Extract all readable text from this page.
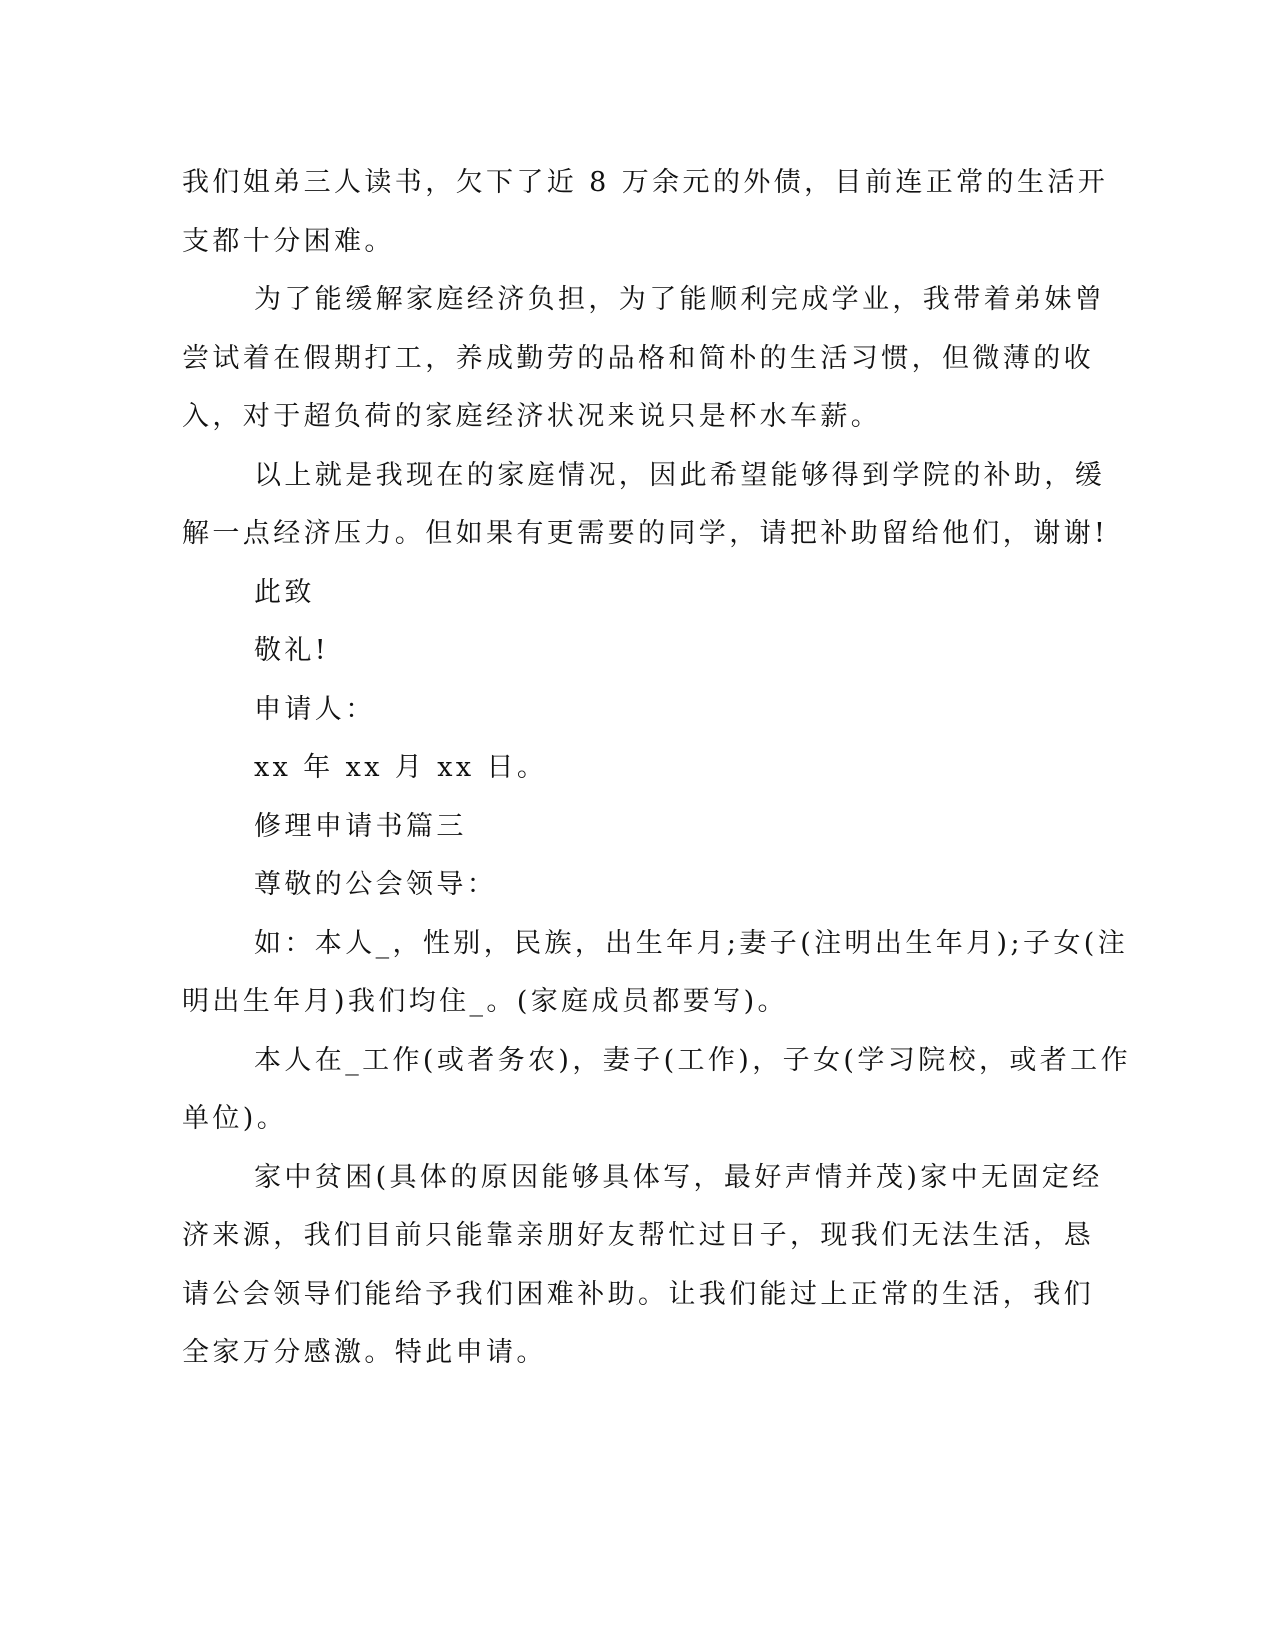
我们姐弟三人读书，欠下了近 8 万余元的外债，目前连正常的生活开
支都十分困难。
为了能缓解家庭经济负担，为了能顺利完成学业，我带着弟妹曾
尝试着在假期打工，养成勤劳的品格和简朴的生活习惯，但微薄的收
入，对于超负荷的家庭经济状况来说只是杯水车薪。
以上就是我现在的家庭情况，因此希望能够得到学院的补助，缓
解一点经济压力。但如果有更需要的同学，请把补助留给他们，谢谢!
此致
敬礼!
申请人：
xx 年 xx 月 xx 日。
修理申请书篇三
尊敬的公会领导：
如：本人_，性别，民族，出生年月;妻子(注明出生年月);子女(注
明出生年月)我们均住_。(家庭成员都要写)。
本人在_工作(或者务农)，妻子(工作)，子女(学习院校，或者工作
单位)。
家中贫困(具体的原因能够具体写，最好声情并茂)家中无固定经
济来源，我们目前只能靠亲朋好友帮忙过日子，现我们无法生活，恳
请公会领导们能给予我们困难补助。让我们能过上正常的生活，我们
全家万分感激。特此申请。
